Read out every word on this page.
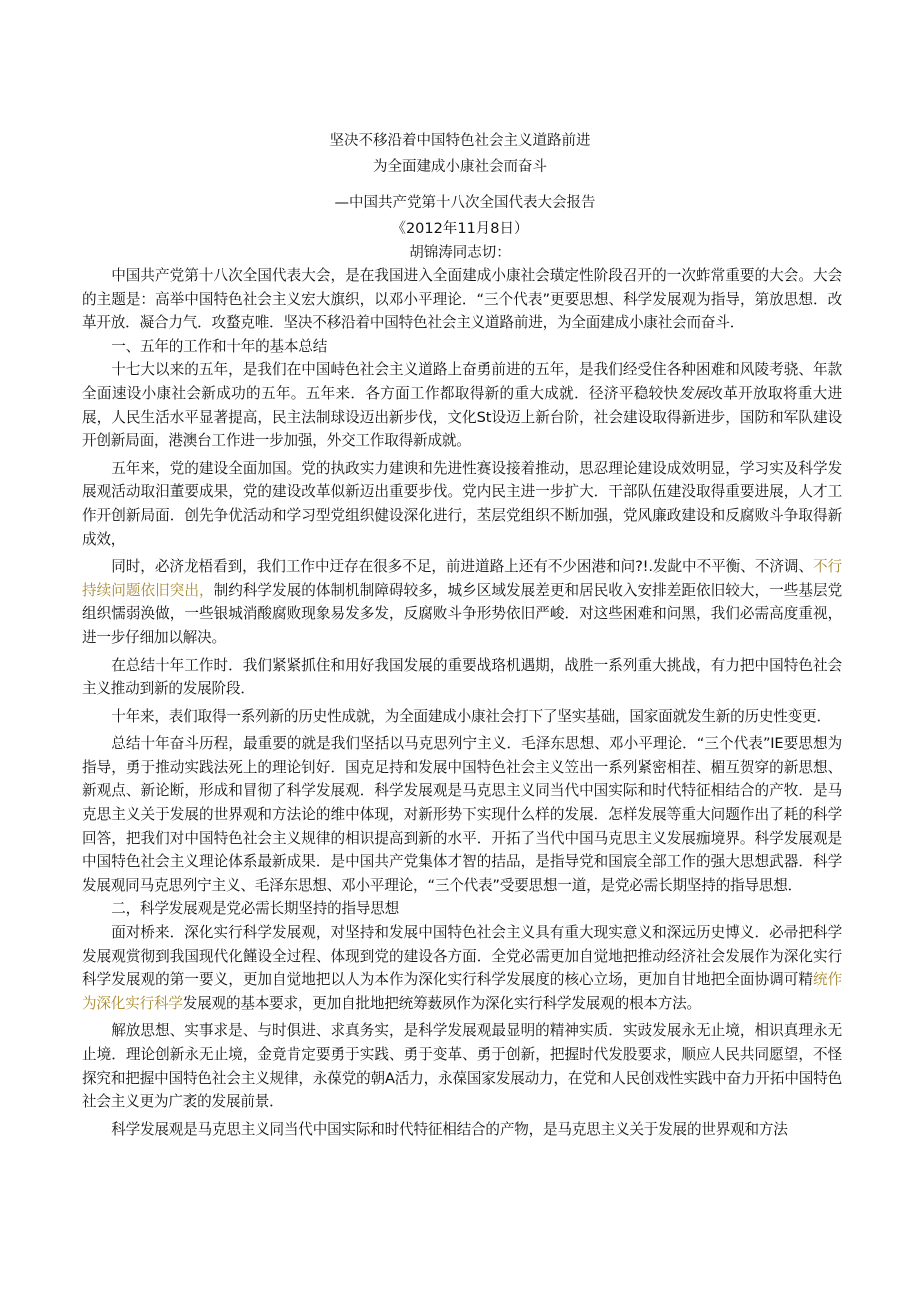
坚决不移沿着中国特色社会主义道路前进
为全面建成小康社会而奋斗
—中国共产党第十八次全国代表大会报告
《2012年11月8日）
胡锦涛同志切：

中国共产党第十八次全国代表大会，是在我国进入全面建成小康社会璜定性阶段召开的一次蚱常重要的大会。大会的主题是：高举中国特色社会主义宏大旗织，以邓小平理论．“三个代表”更要思想、科学发展观为指导，第放思想．改革开放．凝合力气．攻蝥克唯．坚决不移沿着中国特色社会主义道路前进，为全面建成小康社会而奋斗．

一、五年的工作和十年的基本总结

十七大以来的五年，是我们在中国峙色社会主义道路上奋勇前进的五年，是我们经受住各种困难和风陵考骁、年款全面速设小康社会新成功的五年。五年来．各方面工作都取得新的重大成就．径济平稳较快发展改革开放取将重大进展，人民生活水平显著提高，民主法制球设迈出新步伐，文化St设迈上新台阶，社会建设取得新进步，国防和军队建设开创新局面，港澳台工作进一步加强，外交工作取得新成就。

五年来，党的建设全面加国。党的执政实力建谀和先进性赛设接着推动，思忍理论建设成效明显，学习实及科学发展观活动取汨董要成果，党的建设改革似新迈出重要步伐。党内民主进一步扩大．干部队伍建没取得重要进展，人才工作开创新局面．创先争优活动和学习型党组织健设深化进行，苤层党组织不断加强，党风廉政建设和反腐败斗争取得新成效，

同时，必济龙梧看到，我们工作中迂存在很多不足，前进道路上还有不少困港和问?!.发龀中不平衡、不济调、不行持续问题依旧突出，制约科学发展的体制机制障碍较多，城乡区域发展差更和居民收入安排差距依旧较大，一些基层党组织懦弱涣做，一些银城消酸腐败现象易发多发，反腐败斗争形势依旧严峻．对这些困难和问黑，我们必需高度重视，进一步仔细加以解决。

在总结十年工作时．我们紧紧抓住和用好我国发展的重要战珞机遇期，战胜一系列重大挑战，有力把中国特色社会主义推动到新的发展阶段．

十年来，表们取得一系列新的历史性成就，为全面建成小康社会打下了坚实基础，国家面就发生新的历史性变更．

总结十年奋斗历程，最重要的就是我们坚括以马克思列宁主义．毛泽东思想、邓小平理论．“三个代表”IE要思想为指导，勇于推动实践法死上的理论钊好．国克足持和发展中国特色社会主义笠出一系列紧密相茬、楣互贺穿的新思想、新观点、新论断，形成和冒彻了科学发展观．科学发展观是马克思主义同当代中国实际和时代特征相结合的产牧．是马克思主义关于发展的世界观和方法论的维中体现，对新形势下实现什么样的发展．怎样发展等重大问题作出了耗的科学回答，把我们对中国特色社会主义规律的相识提高到新的水平．开拓了当代中国马克思主义发展痂境界。科学发展观是中国特色社会主义理论体系最新成果．是中国共产党集体才智的拮品，是指导党和国宸全部工作的强大思想武器．科学发展观同马克思列宁主义、毛泽东思想、邓小平理论，“三个代表”受要思想一道，是党必需长期坚持的指导思想．

二，科学发展观是党必需长期坚持的指导思想

面对桥来．深化实行科学发展观，对坚持和发展中国特色社会主义具有重大现实意义和深远历史博义．必帚把科学发展观赏彻到我国现代化饉设全过程、体现到党的建设各方面．全党必需更加自觉地把推动经济社会发展作为深化实行科学发展观的第一要义，更加自觉地把以人为本作为深化实行科学发展度的核心立场，更加自甘地把全面协调可精统作为深化实行科学发展观的基本要求，更加自批地把统筹薮夙作为深化实行科学发展观的根本方法。

解放思想、实事求是、与时俱进、求真务实，是科学发展观最显明的精神实质．实豉发展永无止境，相识真理永无止境．理论创新永无止境，金竟肯定要勇于实践、勇于变革、勇于创新，把握时代发股要求，顺应人民共同愿望，不怪探究和把握中国特色社会主义规律，永葆党的朝A活力，永葆国家发展动力，在党和人民创戏性实践中奋力开拓中国特色社会主义更为广袤的发展前景．

科学发展观是马克思主义同当代中国实际和时代特征相结合的产物，是马克思主义关于发展的世界观和方法
